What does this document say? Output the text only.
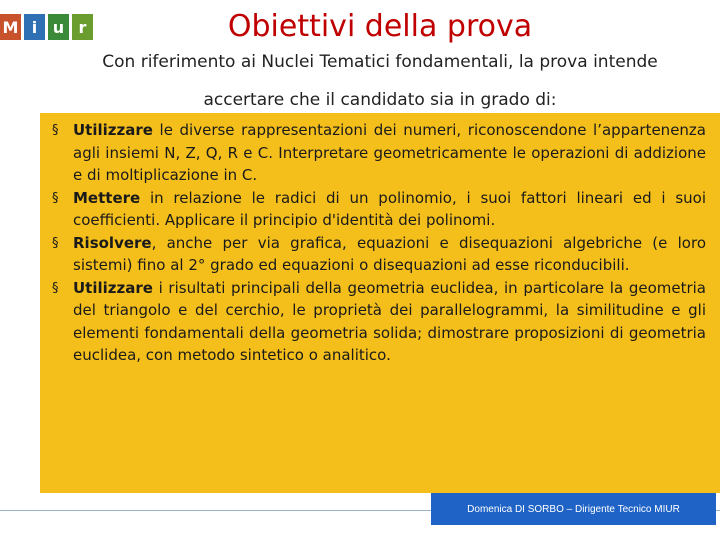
M i u r	Obiettivi della prova
Con riferimento ai Nuclei Tematici fondamentali, la prova intende
accertare che il candidato sia in grado di:
§ Utilizzare le diverse rappresentazioni dei numeri, riconoscendone l’appartenenza agli insiemi N, Z, Q, R e C. Interpretare geometricamente le operazioni di addizione e di moltiplicazione in C.
§ Mettere in relazione le radici di un polinomio, i suoi fattori lineari ed i suoi coefficienti. Applicare il principio d'identità dei polinomi.
§ Risolvere, anche per via grafica, equazioni e disequazioni algebriche (e loro sistemi) fino al 2° grado ed equazioni o disequazioni ad esse riconducibili.
§ Utilizzare i risultati principali della geometria euclidea, in particolare la geometria del triangolo e del cerchio, le proprietà dei parallelogrammi, la similitudine e gli elementi fondamentali della geometria solida; dimostrare proposizioni di geometria euclidea, con metodo sintetico o analitico.
Domenica DI SORBO – Dirigente Tecnico MIUR
